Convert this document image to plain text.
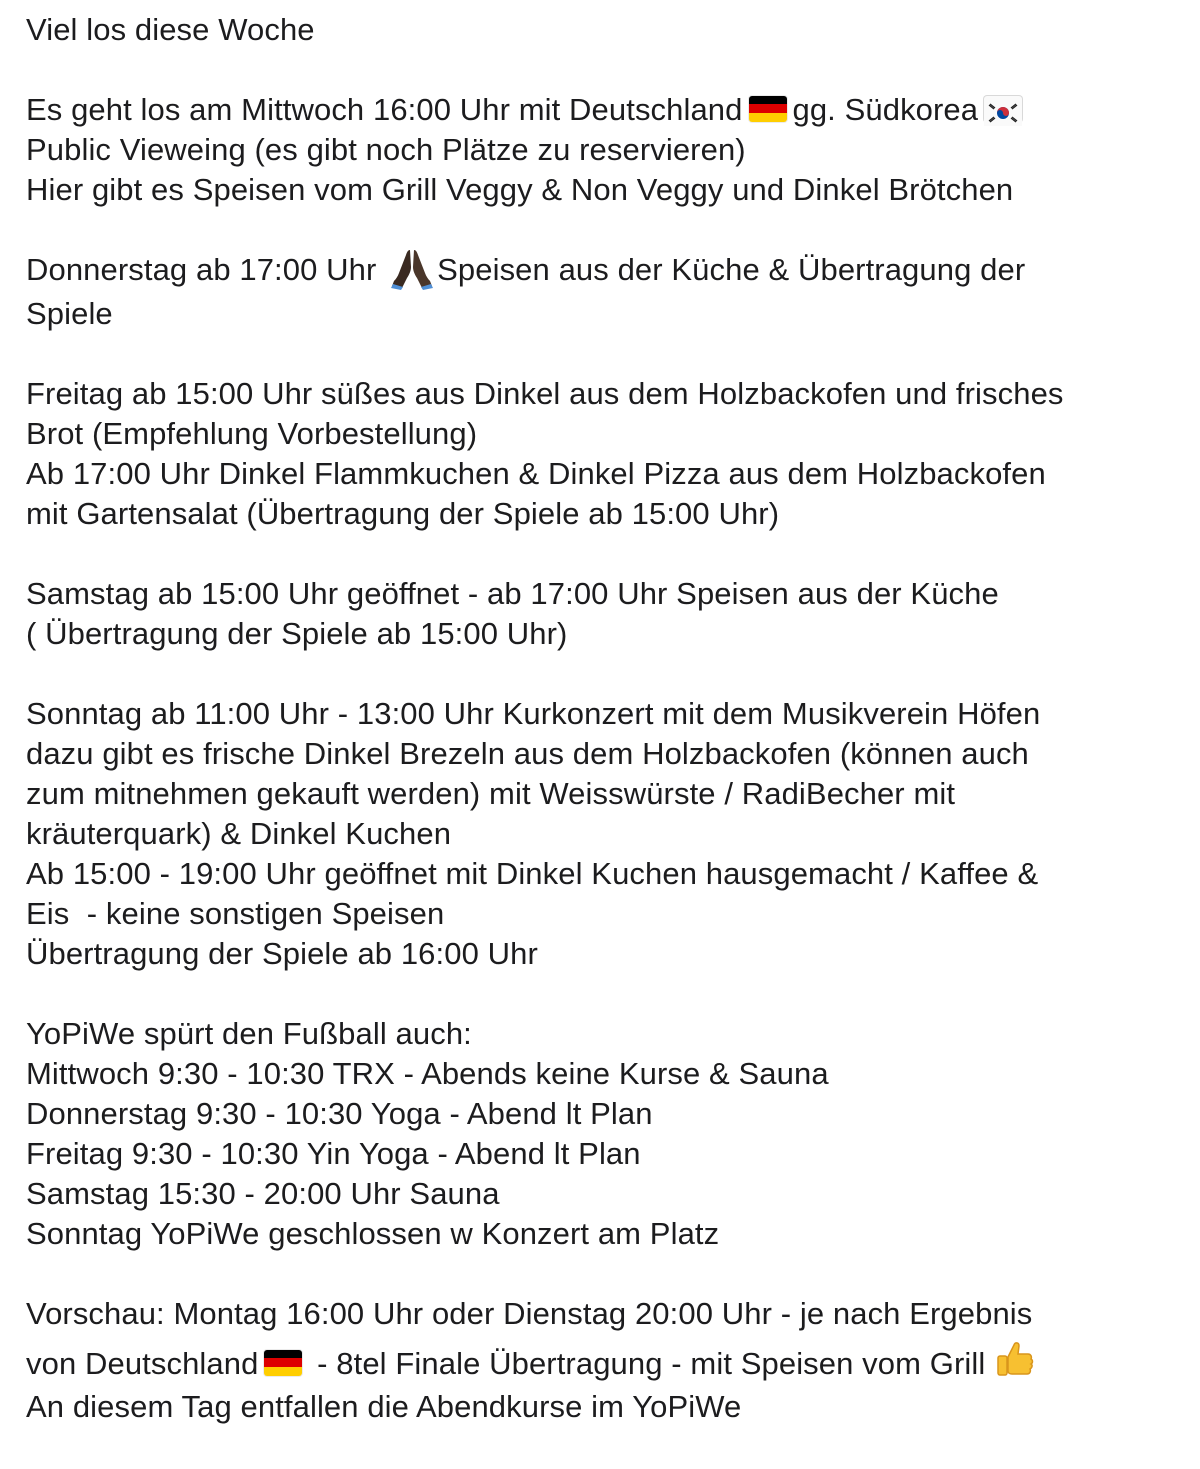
Viel los diese Woche

Es geht los am Mittwoch 16:00 Uhr mit Deutschland gg. Südkorea

Public Vieweing (es gibt noch Plätze zu reservieren)

Hier gibt es Speisen vom Grill Veggy & Non Veggy und Dinkel Brötchen

Donnerstag ab 17:00 Uhr Speisen aus der Küche & Übertragung der

Spiele

Freitag ab 15:00 Uhr süßes aus Dinkel aus dem Holzbackofen und frisches

Brot (Empfehlung Vorbestellung)

Ab 17:00 Uhr Dinkel Flammkuchen & Dinkel Pizza aus dem Holzbackofen

mit Gartensalat (Übertragung der Spiele ab 15:00 Uhr)

Samstag ab 15:00 Uhr geöffnet - ab 17:00 Uhr Speisen aus der Küche

( Übertragung der Spiele ab 15:00 Uhr)

Sonntag ab 11:00 Uhr - 13:00 Uhr Kurkonzert mit dem Musikverein Höfen

dazu gibt es frische Dinkel Brezeln aus dem Holzbackofen (können auch

zum mitnehmen gekauft werden) mit Weisswürste / RadiBecher mit

kräuterquark) & Dinkel Kuchen

Ab 15:00 - 19:00 Uhr geöffnet mit Dinkel Kuchen hausgemacht / Kaffee &

Eis  - keine sonstigen Speisen

Übertragung der Spiele ab 16:00 Uhr

YoPiWe spürt den Fußball auch:

Mittwoch 9:30 - 10:30 TRX - Abends keine Kurse & Sauna

Donnerstag 9:30 - 10:30 Yoga - Abend lt Plan

Freitag 9:30 - 10:30 Yin Yoga - Abend lt Plan

Samstag 15:30 - 20:00 Uhr Sauna

Sonntag YoPiWe geschlossen w Konzert am Platz

Vorschau: Montag 16:00 Uhr oder Dienstag 20:00 Uhr - je nach Ergebnis

von Deutschland
- 8tel Finale Übertragung - mit Speisen vom Grill

An diesem Tag entfallen die Abendkurse im YoPiWe
